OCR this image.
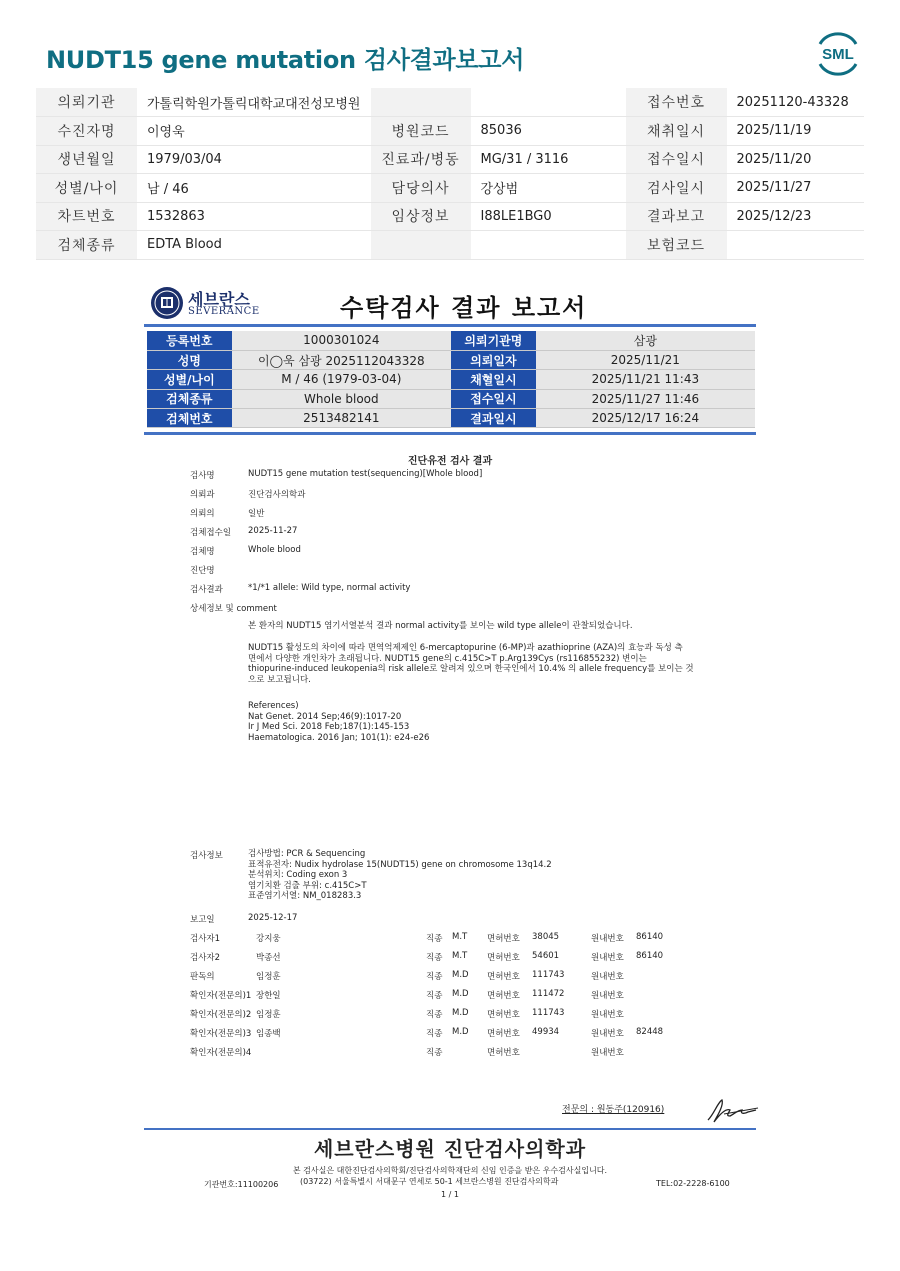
NUDT15 gene mutation 검사결과보고서	SML
의뢰기관	가톨릭학원가톨릭대학교대전성모병원			접수번호	20251120-43328
수진자명	이영욱	병원코드	85036	채취일시	2025/11/19
생년월일	1979/03/04	진료과/병동	MG/31 / 3116	접수일시	2025/11/20
성별/나이	남 / 46	담당의사	강상범	검사일시	2025/11/27
차트번호	1532863	임상정보	I88LE1BG0	결과보고	2025/12/23
검체종류	EDTA Blood			보험코드	
세브란스
SEVERANCE	수탁검사 결과 보고서
등록번호	1000301024	의뢰기관명	삼광
성명	이◯욱 삼광 2025112043328	의뢰일자	2025/11/21
성별/나이	M / 46 (1979-03-04)	채혈일시	2025/11/21 11:43
검체종류	Whole blood	접수일시	2025/11/27 11:46
검체번호	2513482141	결과일시	2025/12/17 16:24
진단유전 검사 결과
검사명	NUDT15 gene mutation test(sequencing)[Whole blood]
의뢰과	진단검사의학과
의뢰의	일반
검체접수일 2025-11-27
검체명	Whole blood
진단명
검사결과	*1/*1 allele: Wild type, normal activity
상세정보 및 comment
본 환자의 NUDT15 염기서열분석 결과 normal activity를 보이는 wild type allele이 관찰되었습니다.
NUDT15 활성도의 차이에 따라 면역억제제인 6-mercaptopurine (6-MP)과 azathioprine (AZA)의 효능과 독성 측
면에서 다양한 개인차가 초래됩니다. NUDT15 gene의 c.415C>T p.Arg139Cys (rs116855232) 변이는
thiopurine-induced leukopenia의 risk allele로 알려져 있으며 한국인에서 10.4% 의 allele frequency를 보이는 것
으로 보고됩니다.
References)
Nat Genet. 2014 Sep;46(9):1017-20
Ir J Med Sci. 2018 Feb;187(1):145-153
Haematologica. 2016 Jan; 101(1): e24-e26
검사정보	검사방법: PCR & Sequencing
표적유전자: Nudix hydrolase 15(NUDT15) gene on chromosome 13q14.2
분석위치: Coding exon 3
염기치환 검출 부위: c.415C>T
표준염기서열: NM_018283.3
보고일	2025-12-17
검사자1	강지웅	직종 M.T 면허번호 38045	원내번호 86140
검사자2	박종선	직종 M.T 면허번호 54601	원내번호 86140
판독의	임정훈	직종 M.D 면허번호 111743	원내번호
확인자(전문의)1 장한일	직종 M.D 면허번호 111472	원내번호
확인자(전문의)2 임정훈	직종 M.D 면허번호 111743	원내번호
확인자(전문의)3 임종백	직종 M.D 면허번호 49934	원내번호 82448
확인자(전문의)4	직종	면허번호	원내번호
전문의 : 원동주(120916)
세브란스병원 진단검사의학과
본 검사실은 대한진단검사의학회/진단검사의학재단의 신임 인증을 받은 우수검사실입니다.
기관번호:11100206	(03722) 서울특별시 서대문구 연세로 50-1 세브란스병원 진단검사의학과	TEL:02-2228-6100
1 / 1
